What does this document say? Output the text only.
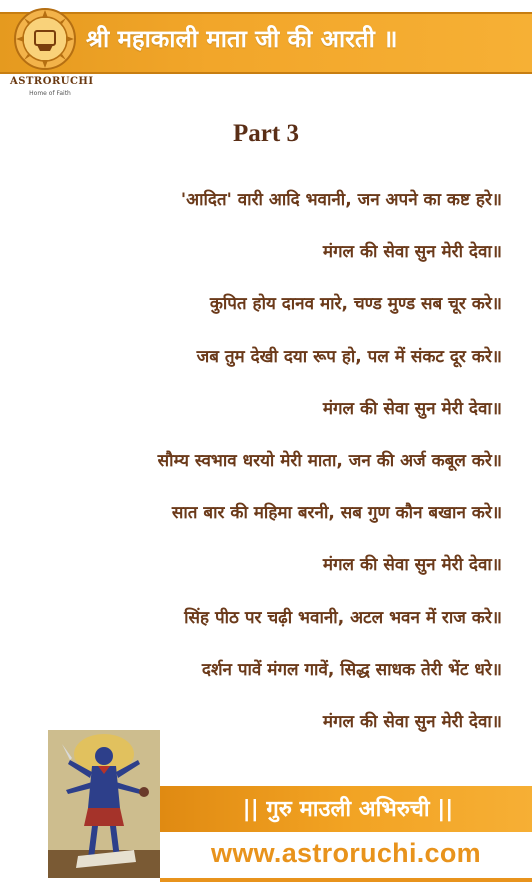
ASTRORUCHI
Home of Faith
श्री महाकाली माता जी की आरती ॥
Part 3
'आदित' वारी आदि भवानी, जन अपने का कष्ट हरे॥
मंगल की सेवा सुन मेरी देवा॥
कुपित होय दानव मारे, चण्ड मुण्ड सब चूर करे॥
जब तुम देखी दया रूप हो, पल में संकट दूर करे॥
मंगल की सेवा सुन मेरी देवा॥
सौम्य स्वभाव धरयो मेरी माता, जन की अर्ज कबूल करे॥
सात बार की महिमा बरनी, सब गुण कौन बखान करे॥
मंगल की सेवा सुन मेरी देवा॥
सिंह पीठ पर चढ़ी भवानी, अटल भवन में राज करे॥
दर्शन पावें मंगल गावें, सिद्ध साधक तेरी भेंट धरे॥
मंगल की सेवा सुन मेरी देवा॥
|| गुरु माउली अभिरुची ||
www.astroruchi.com
